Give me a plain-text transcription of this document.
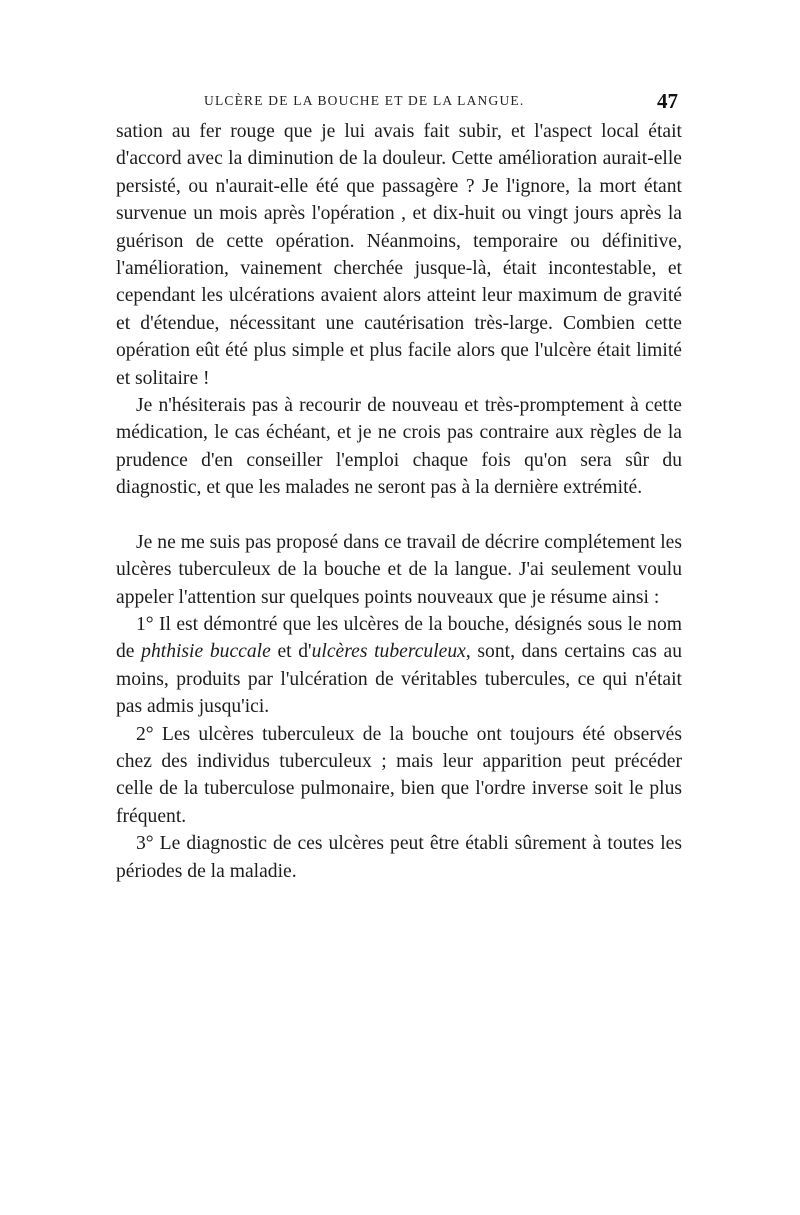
ULCÈRE DE LA BOUCHE ET DE LA LANGUE.	47

sation au fer rouge que je lui avais fait subir, et l'aspect local était d'accord avec la diminution de la douleur. Cette amélioration aurait-elle persisté, ou n'aurait-elle été que passagère ? Je l'ignore, la mort étant survenue un mois après l'opération , et dix-huit ou vingt jours après la guérison de cette opération. Néanmoins, temporaire ou définitive, l'amélioration, vainement cherchée jusque-là, était incontestable, et cependant les ulcérations avaient alors atteint leur maximum de gravité et d'étendue, nécessitant une cautérisation très-large. Combien cette opération eût été plus simple et plus facile alors que l'ulcère était limité et solitaire !

Je n'hésiterais pas à recourir de nouveau et très-promptement à cette médication, le cas échéant, et je ne crois pas contraire aux règles de la prudence d'en conseiller l'emploi chaque fois qu'on sera sûr du diagnostic, et que les malades ne seront pas à la dernière extrémité.

Je ne me suis pas proposé dans ce travail de décrire complétement les ulcères tuberculeux de la bouche et de la langue. J'ai seulement voulu appeler l'attention sur quelques points nouveaux que je résume ainsi :

1° Il est démontré que les ulcères de la bouche, désignés sous le nom de phthisie buccale et d'ulcères tuberculeux, sont, dans certains cas au moins, produits par l'ulcération de véritables tubercules, ce qui n'était pas admis jusqu'ici.

2° Les ulcères tuberculeux de la bouche ont toujours été observés chez des individus tuberculeux ; mais leur apparition peut précéder celle de la tuberculose pulmonaire, bien que l'ordre inverse soit le plus fréquent.

3° Le diagnostic de ces ulcères peut être établi sûrement à toutes les périodes de la maladie.
